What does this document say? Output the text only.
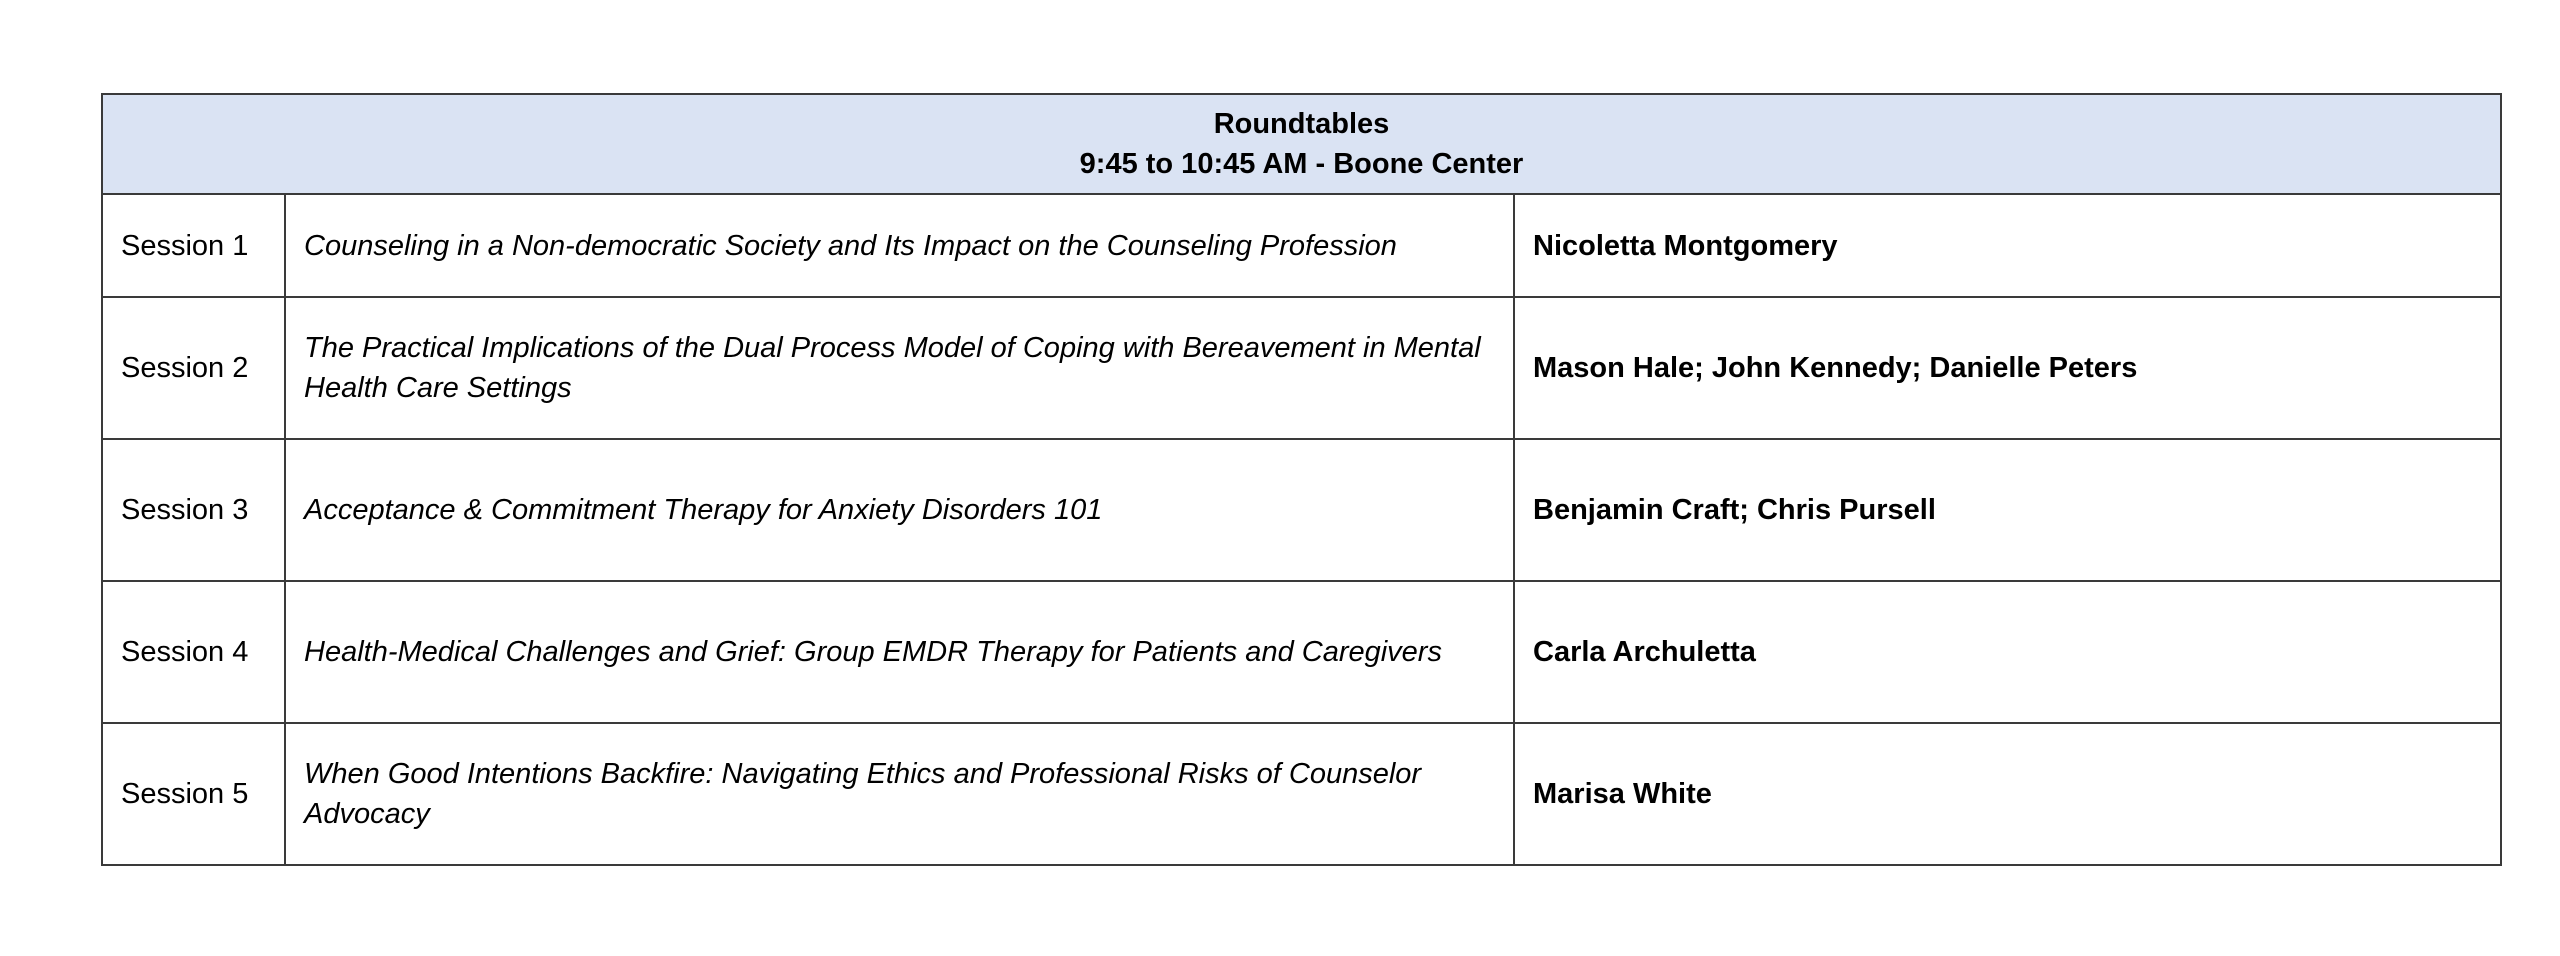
Roundtables
9:45 to 10:45 AM - Boone Center		

Session 1	Counseling in a Non-democratic Society and Its Impact on the Counseling Profession	Nicoletta Montgomery
Session 2	The Practical Implications of the Dual Process Model of Coping with Bereavement in Mental Health Care Settings	Mason Hale; John Kennedy; Danielle Peters
Session 3	Acceptance & Commitment Therapy for Anxiety Disorders 101	Benjamin Craft; Chris Pursell
Session 4	Health-Medical Challenges and Grief: Group EMDR Therapy for Patients and Caregivers	Carla Archuletta
Session 5	When Good Intentions Backfire: Navigating Ethics and Professional Risks of Counselor Advocacy	Marisa White
